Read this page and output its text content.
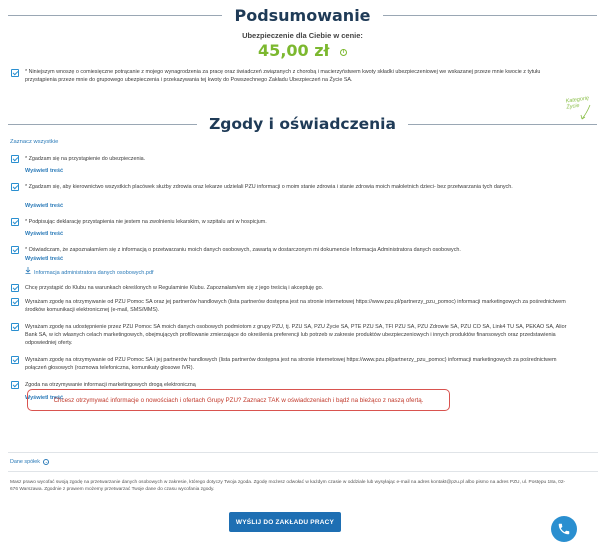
Podsumowanie
Ubezpieczenie dla Ciebie w cenie:
45,00 zł	i
* Niniejszym wnoszę o comiesięczne potrącanie z mojego wynagrodzenia za pracę oraz świadczeń związanych z chorobą i macierzyństwem kwoty składki ubezpieczeniowej we wskazanej przeze mnie kwocie z tytułu przystąpienia przeze mnie do grupowego ubezpieczenia i przekazywania tej kwoty do Powszechnego Zakładu Ubezpieczeń na Życie SA.
Kategorię
Życie
Zgody i oświadczenia
Zaznacz wszystkie
* Zgadzam się na przystąpienie do ubezpieczenia.
Wyświetl treść
* Zgadzam się, aby kierownictwo wszystkich placówek służby zdrowia oraz lekarze udzielali PZU informacji o moim stanie zdrowia i stanie zdrowia moich małoletnich dzieci- bez przetwarzania tych danych.
Wyświetl treść
* Podpisując deklarację przystąpienia nie jestem na zwolnieniu lekarskim, w szpitalu ani w hospicjum.
Wyświetl treść
* Oświadczam, że zapoznałam/em się z informacją o przetwarzaniu moich danych osobowych, zawartą w dostarczonym mi dokumencie Informacja Administratora danych osobowych.
Wyświetl treść
Informacja administratora danych osobowych.pdf
Chcę przystąpić do Klubu na warunkach określonych w Regulaminie Klubu. Zapoznałam/em się z jego treścią i akceptuję go.
Wyrażam zgodę na otrzymywanie od PZU Pomoc SA oraz jej partnerów handlowych (lista partnerów dostępna jest na stronie internetowej https://www.pzu.pl/partnerzy_pzu_pomoc) informacji marketingowych za pośrednictwem środków komunikacji elektronicznej (e-mail, SMS/MMS).
Wyrażam zgodę na udostępnienie przez PZU Pomoc SA moich danych osobowych podmiotom z grupy PZU, tj. PZU SA, PZU Życie SA, PTE PZU SA, TFI PZU SA, PZU Zdrowie SA, PZU CO SA, Link4 TU SA, PEKAO SA, Alior Bank SA, w ich własnych celach marketingowych, obejmujących profilowanie zmierzające do określenia preferencji lub potrzeb w zakresie produktów ubezpieczeniowych i innych produktów finansowych oraz przedstawienia odpowiedniej oferty.
Wyrażam zgodę na otrzymywanie od PZU Pomoc SA i jej partnerów handlowych (lista partnerów dostępna jest na stronie internetowej https://www.pzu.pl/partnerzy_pzu_pomoc) informacji marketingowych za pośrednictwem połączeń głosowych (rozmowa telefoniczna, komunikaty głosowe IVR).
Zgoda na otrzymywanie informacji marketingowych drogą elektroniczną
Wyświetl treść
Chcesz otrzymywać informacje o nowościach i ofertach Grupy PZU? Zaznacz TAK w oświadczeniach i bądź na bieżąco z naszą ofertą.
Dane spółek ⌄
Masz prawo wycofać swoją zgodę na przetwarzanie danych osobowych w zakresie, którego dotyczy Twoja zgoda. Zgodę możesz odwołać w każdym czasie w oddziale lub wysyłając e-mail na adres kontakt@pzu.pl albo pismo na adres PZU, ul. Postępu 18a, 02-676 Warszawa. Zgodnie z prawem możemy przetwarzać Twoje dane do czasu wycofania zgody.
WYŚLIJ DO ZAKŁADU PRACY
